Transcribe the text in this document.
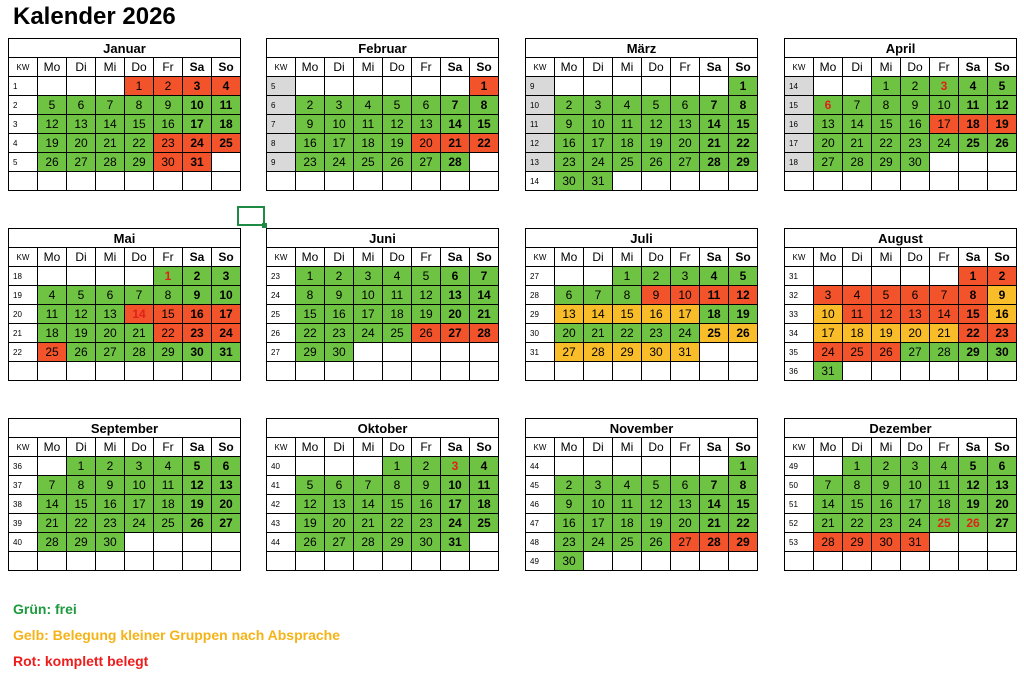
Kalender 2026
Januar							
KW	Mo	Di	Mi	Do	Fr	Sa	So
1				1	2	3	4
2	5	6	7	8	9	10	11
3	12	13	14	15	16	17	18
4	19	20	21	22	23	24	25
5	26	27	28	29	30	31	

Februar							
KW	Mo	Di	Mi	Do	Fr	Sa	So
5							1
6	2	3	4	5	6	7	8
7	9	10	11	12	13	14	15
8	16	17	18	19	20	21	22
9	23	24	25	26	27	28	

März							
KW	Mo	Di	Mi	Do	Fr	Sa	So
9							1
10	2	3	4	5	6	7	8
11	9	10	11	12	13	14	15
12	16	17	18	19	20	21	22
13	23	24	25	26	27	28	29
14	30	31					
April							
KW	Mo	Di	Mi	Do	Fr	Sa	So
14			1	2	3	4	5
15	6	7	8	9	10	11	12
16	13	14	15	16	17	18	19
17	20	21	22	23	24	25	26
18	27	28	29	30			

Mai							
KW	Mo	Di	Mi	Do	Fr	Sa	So
18					1	2	3
19	4	5	6	7	8	9	10
20	11	12	13	14	15	16	17
21	18	19	20	21	22	23	24
22	25	26	27	28	29	30	31

Juni							
KW	Mo	Di	Mi	Do	Fr	Sa	So
23	1	2	3	4	5	6	7
24	8	9	10	11	12	13	14
25	15	16	17	18	19	20	21
26	22	23	24	25	26	27	28
27	29	30					

Juli							
KW	Mo	Di	Mi	Do	Fr	Sa	So
27			1	2	3	4	5
28	6	7	8	9	10	11	12
29	13	14	15	16	17	18	19
30	20	21	22	23	24	25	26
31	27	28	29	30	31		

August							
KW	Mo	Di	Mi	Do	Fr	Sa	So
31						1	2
32	3	4	5	6	7	8	9
33	10	11	12	13	14	15	16
34	17	18	19	20	21	22	23
35	24	25	26	27	28	29	30
36	31						
September							
KW	Mo	Di	Mi	Do	Fr	Sa	So
36		1	2	3	4	5	6
37	7	8	9	10	11	12	13
38	14	15	16	17	18	19	20
39	21	22	23	24	25	26	27
40	28	29	30				

Oktober							
KW	Mo	Di	Mi	Do	Fr	Sa	So
40				1	2	3	4
41	5	6	7	8	9	10	11
42	12	13	14	15	16	17	18
43	19	20	21	22	23	24	25
44	26	27	28	29	30	31	

November							
KW	Mo	Di	Mi	Do	Fr	Sa	So
44							1
45	2	3	4	5	6	7	8
46	9	10	11	12	13	14	15
47	16	17	18	19	20	21	22
48	23	24	25	26	27	28	29
49	30						
Dezember							
KW	Mo	Di	Mi	Do	Fr	Sa	So
49		1	2	3	4	5	6
50	7	8	9	10	11	12	13
51	14	15	16	17	18	19	20
52	21	22	23	24	25	26	27
53	28	29	30	31			

Grün: frei
Gelb: Belegung kleiner Gruppen nach Absprache
Rot: komplett belegt
